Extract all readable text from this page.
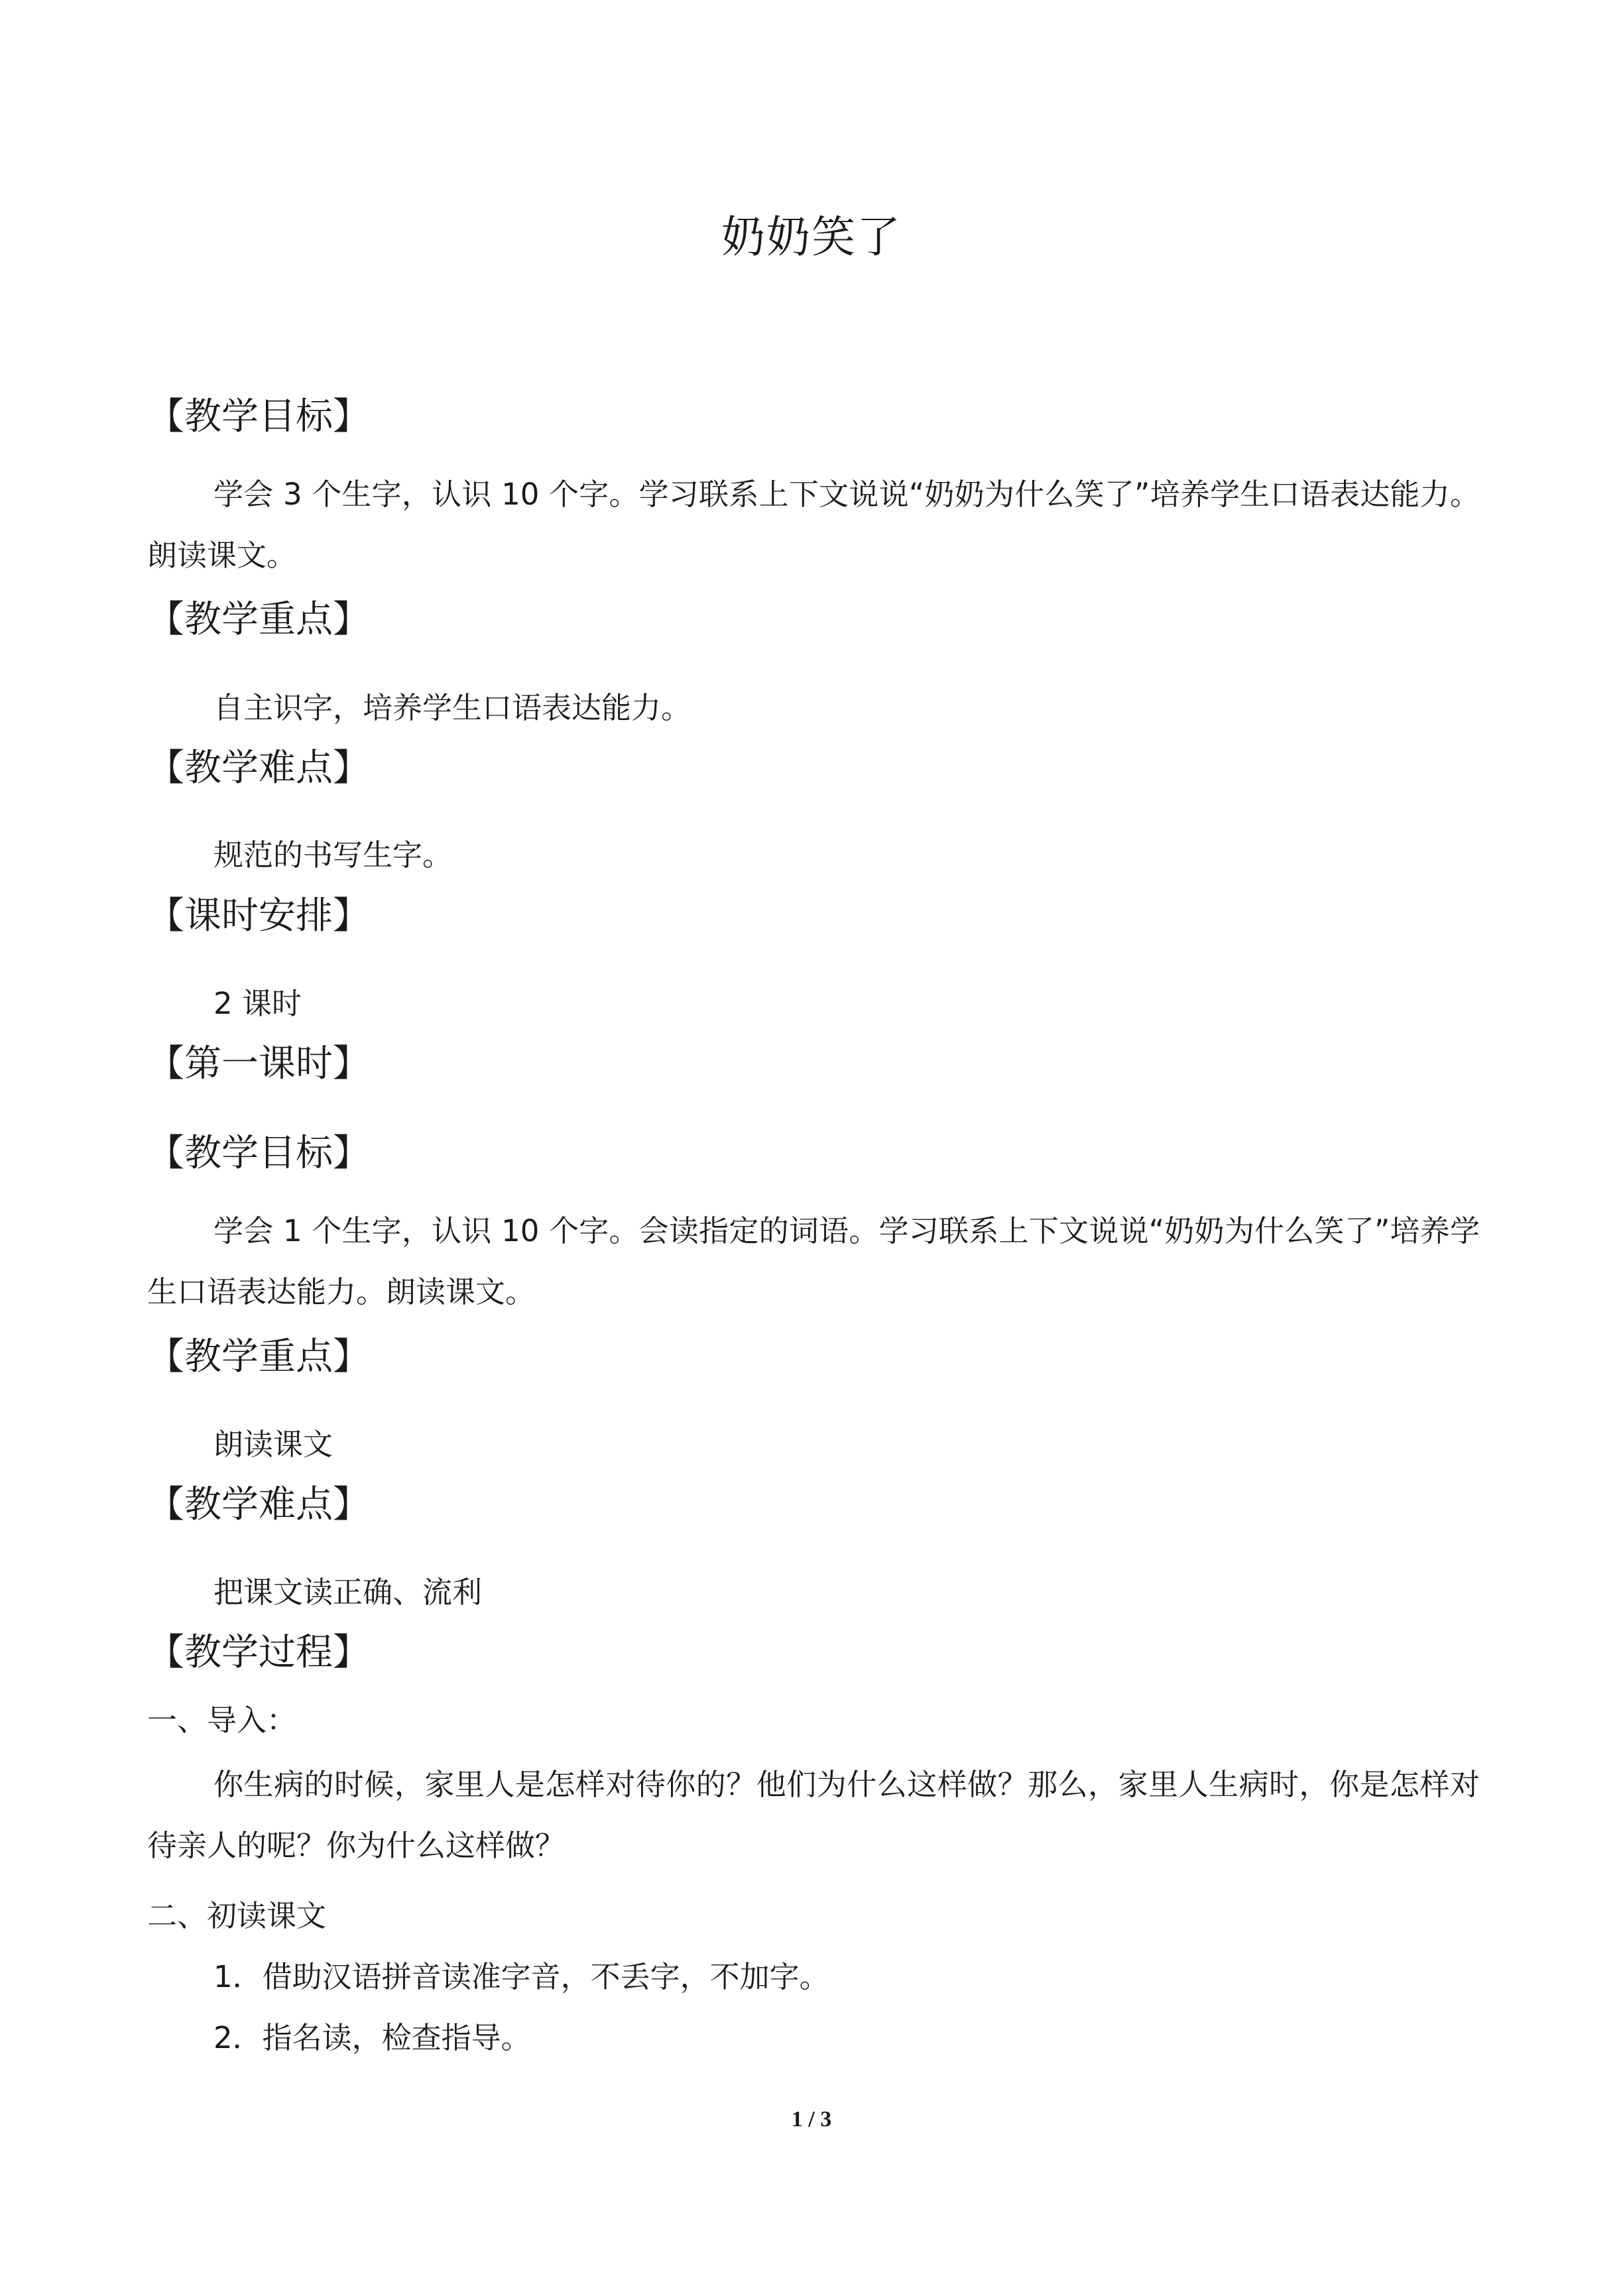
奶奶笑了
【教学目标】
学会 3 个生字，认识 10 个字。学习联系上下文说说“奶奶为什么笑了”培养学生口语表达能力。朗读课文。
【教学重点】
自主识字，培养学生口语表达能力。
【教学难点】
规范的书写生字。
【课时安排】
2 课时
【第一课时】
【教学目标】
学会 1 个生字，认识 10 个字。会读指定的词语。学习联系上下文说说“奶奶为什么笑了”培养学生口语表达能力。朗读课文。
【教学重点】
朗读课文
【教学难点】
把课文读正确、流利
【教学过程】
一、导入：
你生病的时候，家里人是怎样对待你的？他们为什么这样做？那么，家里人生病时，你是怎样对待亲人的呢？你为什么这样做？
二、初读课文
1．借助汉语拼音读准字音，不丢字，不加字。
2．指名读，检查指导。
1 / 3
